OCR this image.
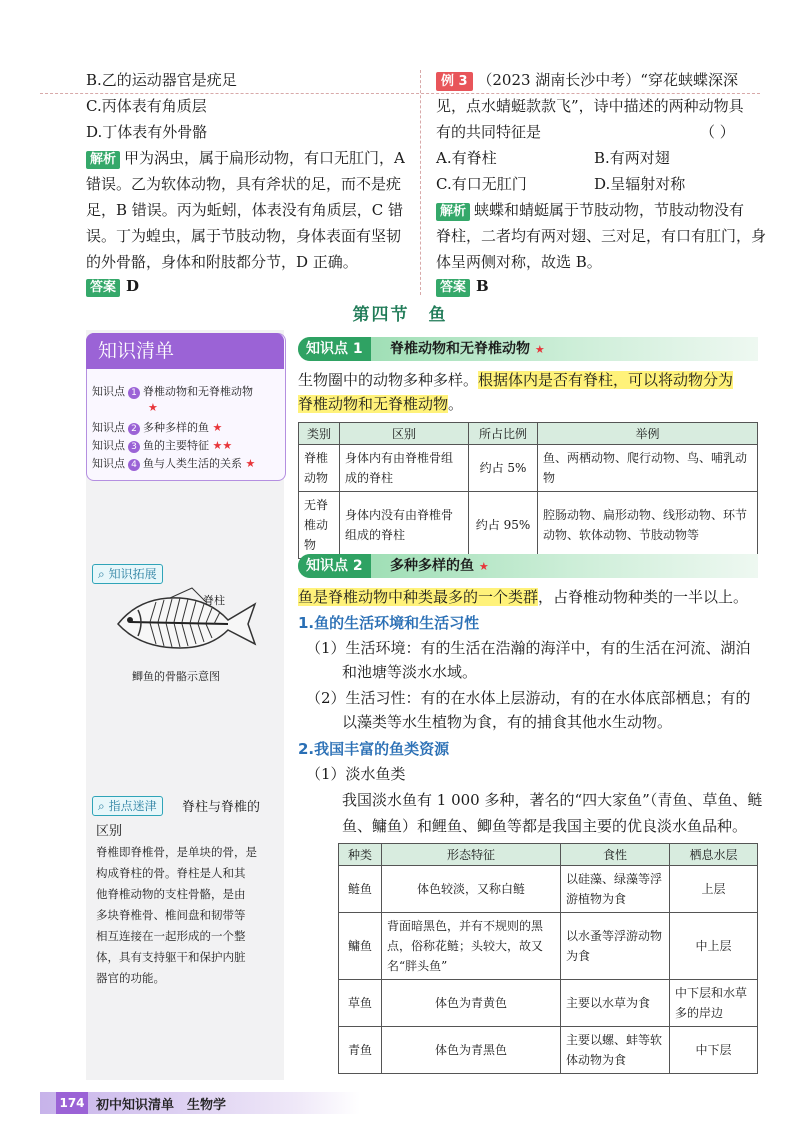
B.乙的运动器官是疣足
C.丙体表有角质层
D.丁体表有外骨骼
解析 甲为涡虫，属于扁形动物，有口无肛门，A
错误。乙为软体动物，具有斧状的足，而不是疣
足，B 错误。丙为蚯蚓，体表没有角质层，C 错
误。丁为蝗虫，属于节肢动物，身体表面有坚韧
的外骨骼，身体和附肢都分节，D 正确。
答案 D
例 3 （2023 湖南长沙中考）“穿花蛱蝶深深
见，点水蜻蜓款款飞”，诗中描述的两种动物具
有的共同特征是	（ ）
A.有脊柱	B.有两对翅
C.有口无肛门	D.呈辐射对称
解析 蛱蝶和蜻蜓属于节肢动物，节肢动物没有
脊柱，二者均有两对翅、三对足，有口有肛门，身
体呈两侧对称，故选 B。
答案 B
第四节　鱼
知识清单
知识点 1 脊椎动物和无脊椎动物
★
知识点 2 多种多样的鱼 ★
知识点 3 鱼的主要特征 ★★
知识点 4 鱼与人类生活的关系 ★
⌕ 知识拓展
脊柱
鲫鱼的骨骼示意图
⌕ 指点迷津	脊柱与脊椎的
区别
脊椎即脊椎骨，是单块的骨，是
构成脊柱的骨。脊柱是人和其
他脊椎动物的支柱骨骼，是由
多块脊椎骨、椎间盘和韧带等
相互连接在一起形成的一个整
体，具有支持躯干和保护内脏
器官的功能。
知识点 1	脊椎动物和无脊椎动物 ★
生物圈中的动物多种多样。根据体内是否有脊柱，可以将动物分为
脊椎动物和无脊椎动物。
类别	区别	所占比例	举例
脊椎动物	身体内有由脊椎骨组成的脊柱	约占 5%	鱼、两栖动物、爬行动物、鸟、哺乳动物
无脊椎动物	身体内没有由脊椎骨组成的脊柱	约占 95%	腔肠动物、扁形动物、线形动物、环节动物、软体动物、节肢动物等
知识点 2	多种多样的鱼 ★
鱼是脊椎动物中种类最多的一个类群，占脊椎动物种类的一半以上。
1.鱼的生活环境和生活习性
（1）生活环境：有的生活在浩瀚的海洋中，有的生活在河流、湖泊
和池塘等淡水水域。
（2）生活习性：有的在水体上层游动，有的在水体底部栖息；有的
以藻类等水生植物为食，有的捕食其他水生动物。
2.我国丰富的鱼类资源
（1）淡水鱼类
我国淡水鱼有 1 000 多种，著名的“四大家鱼”（青鱼、草鱼、鲢
鱼、鳙鱼）和鲤鱼、鲫鱼等都是我国主要的优良淡水鱼品种。
种类	形态特征	食性	栖息水层
鲢鱼	体色较淡，又称白鲢	以硅藻、绿藻等浮游植物为食	上层
鳙鱼	背面暗黑色，并有不规则的黑点，俗称花鲢；头较大，故又名“胖头鱼”	以水蚤等浮游动物为食	中上层
草鱼	体色为青黄色	主要以水草为食	中下层和水草多的岸边
青鱼	体色为青黑色	主要以螺、蚌等软体动物为食	中下层
174 初中知识清单　生物学
